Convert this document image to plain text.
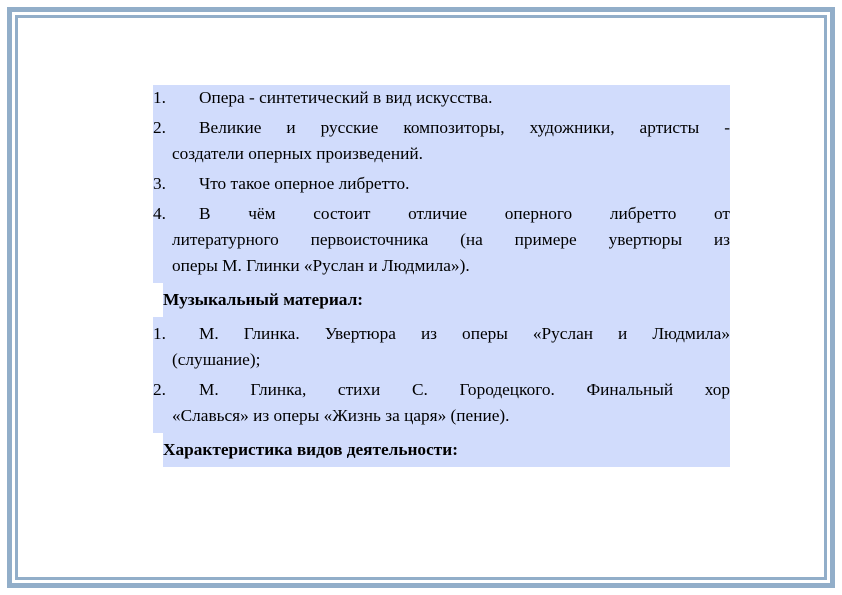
1.	Опера - синтетический в вид искусства.
2.	Великие и русские композиторы, художники, артисты -
создатели оперных произведений.
3.	Что такое оперное либретто.
4.	В чём состоит отличие оперного либретто от
литературного первоисточника (на примере увертюры из
оперы М. Глинки «Руслан и Людмила»).
Музыкальный материал:
1.	М. Глинка. Увертюра из оперы «Руслан и Людмила»
(слушание);
2.	М. Глинка, стихи С. Городецкого. Финальный хор
«Славься» из оперы «Жизнь за царя» (пение).
Характеристика видов деятельности:
